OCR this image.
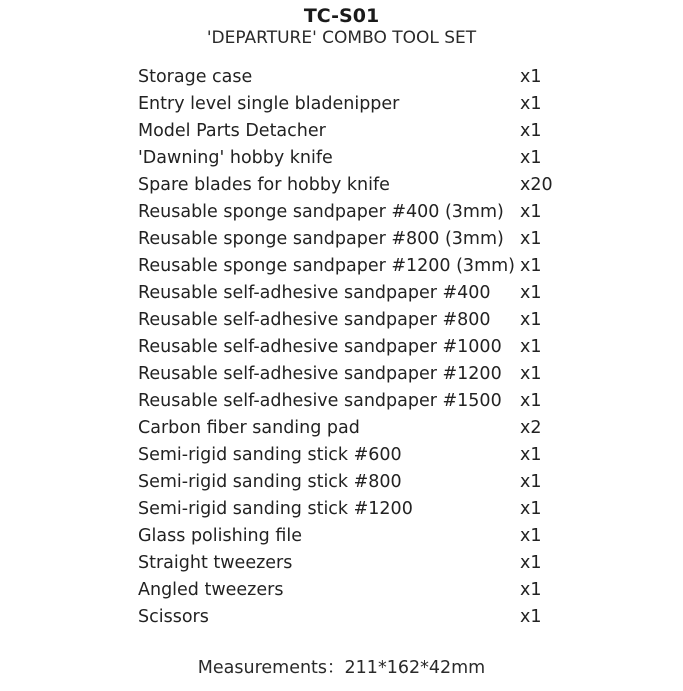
TC-S01
'DEPARTURE' COMBO TOOL SET
Storage case	x1
Entry level single bladenipper	x1
Model Parts Detacher	x1
'Dawning' hobby knife	x1
Spare blades for hobby knife	x20
Reusable sponge sandpaper #400 (3mm) x1
Reusable sponge sandpaper #800 (3mm) x1
Reusable sponge sandpaper #1200 (3mm) x1
Reusable self-adhesive sandpaper #400 x1
Reusable self-adhesive sandpaper #800 x1
Reusable self-adhesive sandpaper #1000 x1
Reusable self-adhesive sandpaper #1200 x1
Reusable self-adhesive sandpaper #1500 x1
Carbon fiber sanding pad	x2
Semi-rigid sanding stick #600	x1
Semi-rigid sanding stick #800	x1
Semi-rigid sanding stick #1200	x1
Glass polishing file	x1
Straight tweezers	x1
Angled tweezers	x1
Scissors	x1
Measurements：211*162*42mm
